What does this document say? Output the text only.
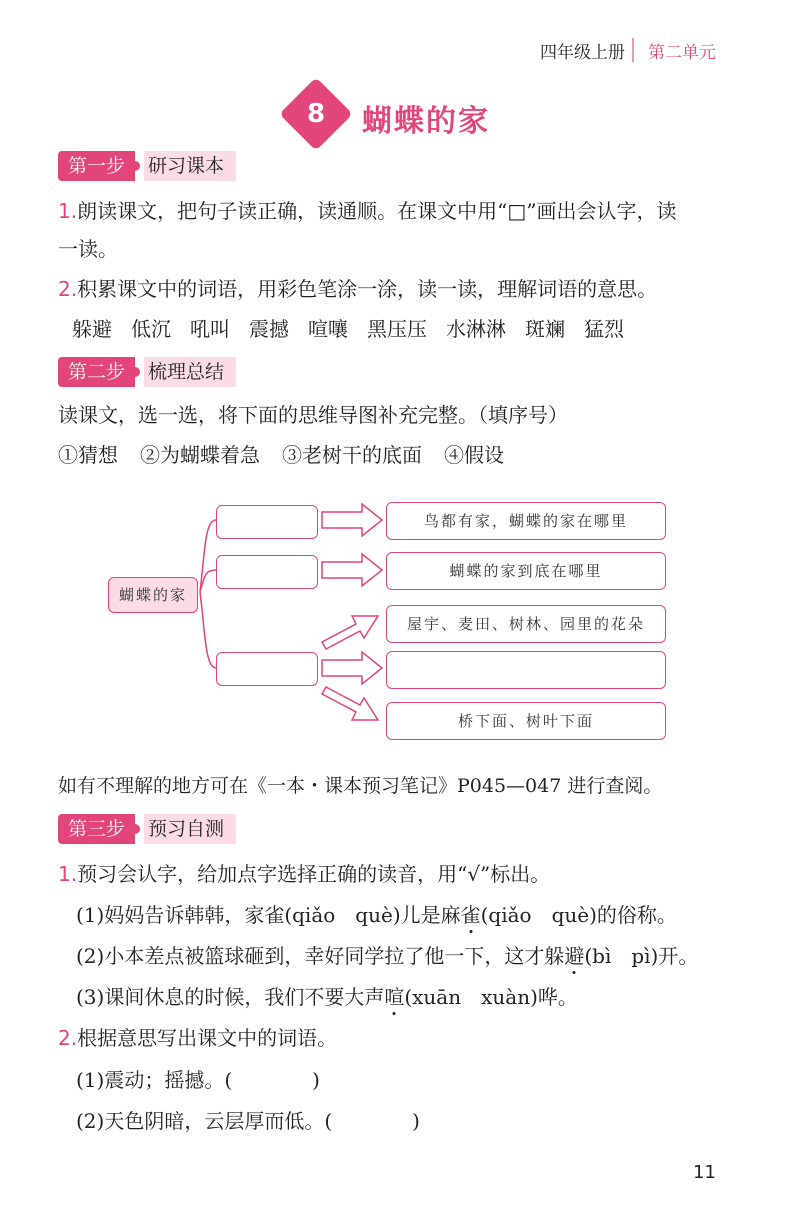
四年级上册 第二单元
8	蝴蝶的家
第一步	研习课本
1.朗读课文，把句子读正确，读通顺。在课文中用“□”画出会认字，读
一读。
2.积累课文中的词语，用彩色笔涂一涂，读一读，理解词语的意思。
躲避 低沉 吼叫 震撼 喧嚷 黑压压 水淋淋 斑斓 猛烈
第二步	梳理总结
读课文，选一选，将下面的思维导图补充完整。（填序号）
①猜想 ②为蝴蝶着急 ③老树干的底面 ④假设
蝴蝶的家
鸟都有家，蝴蝶的家在哪里
蝴蝶的家到底在哪里
屋宇、麦田、树林、园里的花朵
桥下面、树叶下面
如有不理解的地方可在《一本・课本预习笔记》P045—047 进行查阅。
第三步	预习自测
1.预习会认字，给加点字选择正确的读音，用“√”标出。
(1)妈妈告诉韩韩，家雀(qiǎo　què)儿是麻雀(qiǎo　què)的俗称。
(2)小本差点被篮球砸到，幸好同学拉了他一下，这才躲避(bì　pì)开。
(3)课间休息的时候，我们不要大声喧(xuān　xuàn)哗。
2.根据意思写出课文中的词语。
(1)震动；摇撼。(　　　　)
(2)天色阴暗，云层厚而低。(　　　　)
11
